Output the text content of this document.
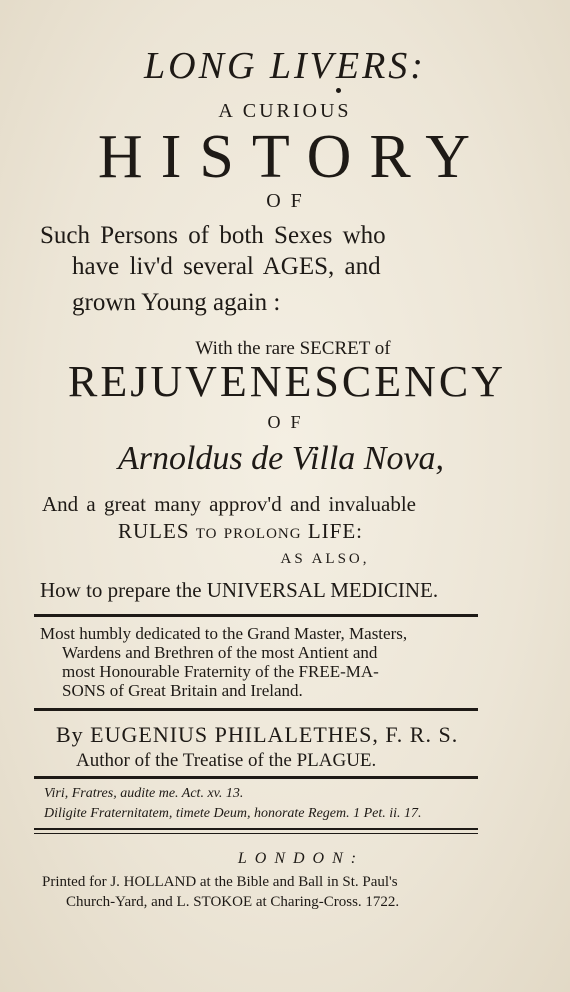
LONG LIVERS:
A CURIOUS
HISTORY
OF
Such Persons of both Sexes who
have liv'd several AGES, and
grown Young again :
With the rare SECRET of
REJUVENESCENCY
OF
Arnoldus de Villa Nova,
And a great many approv'd and invaluable
RULES to prolong LIFE:
AS ALSO,
How to prepare the UNIVERSAL MEDICINE.
Most humbly dedicated to the Grand Master, Masters,
Wardens and Brethren of the most Antient and
most Honourable Fraternity of the FREE-MA-
SONS of Great Britain and Ireland.
By EUGENIUS PHILALETHES, F. R. S.
Author of the Treatise of the PLAGUE.
Viri, Fratres, audite me. Act. xv. 13.
Diligite Fraternitatem, timete Deum, honorate Regem. 1 Pet. ii. 17.
LONDON:
Printed for J. HOLLAND at the Bible and Ball in St. Paul's
Church-Yard, and L. STOKOE at Charing-Cross. 1722.
